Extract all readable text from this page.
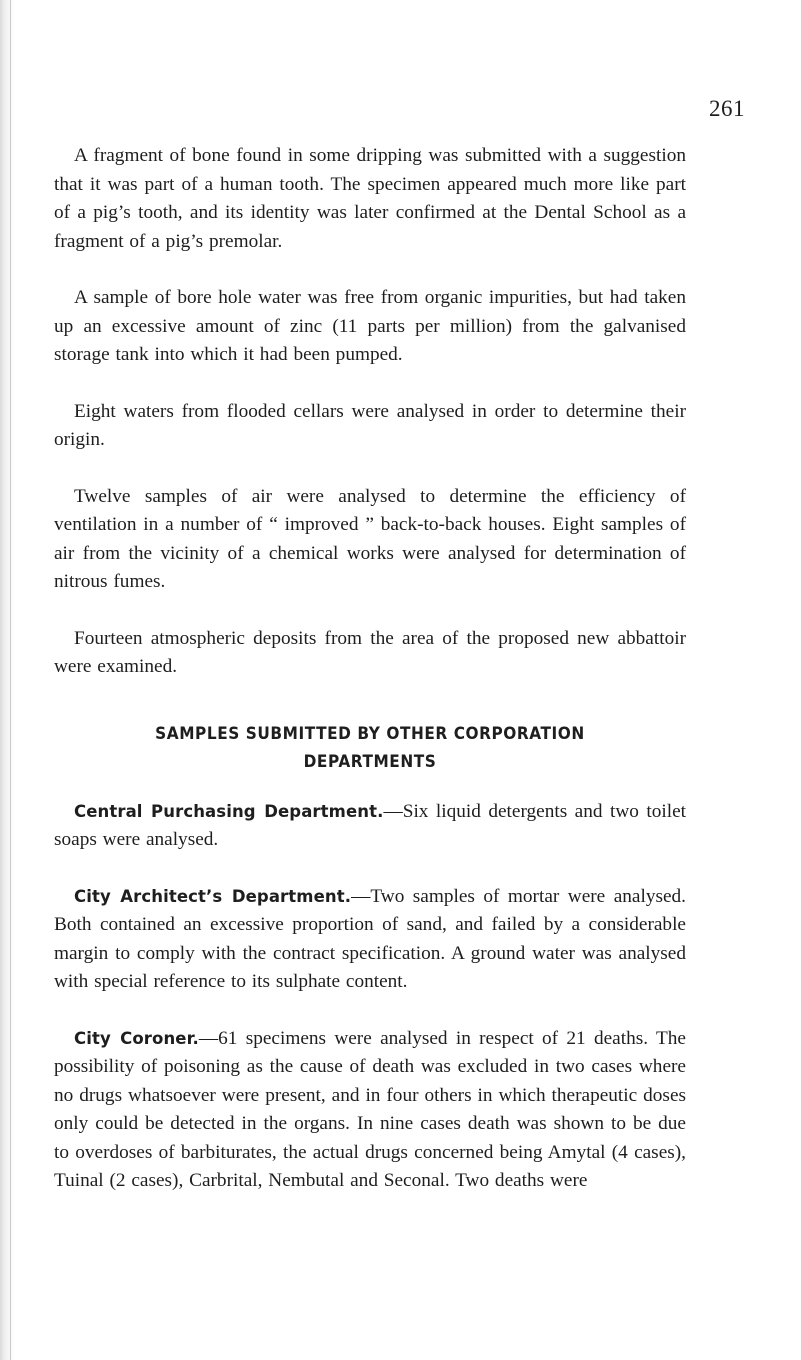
261

A fragment of bone found in some dripping was submitted with a suggestion that it was part of a human tooth. The specimen appeared much more like part of a pig’s tooth, and its identity was later confirmed at the Dental School as a fragment of a pig’s premolar.

A sample of bore hole water was free from organic impurities, but had taken up an excessive amount of zinc (11 parts per million) from the galvanised storage tank into which it had been pumped.

Eight waters from flooded cellars were analysed in order to determine their origin.

Twelve samples of air were analysed to determine the efficiency of ventilation in a number of “ improved ” back-to-back houses. Eight samples of air from the vicinity of a chemical works were analysed for determination of nitrous fumes.

Fourteen atmospheric deposits from the area of the proposed new abbattoir were examined.

SAMPLES SUBMITTED BY OTHER CORPORATION
DEPARTMENTS

Central Purchasing Department.—Six liquid detergents and two toilet soaps were analysed.

City Architect’s Department.—Two samples of mortar were analysed. Both contained an excessive proportion of sand, and failed by a considerable margin to comply with the contract specification. A ground water was analysed with special reference to its sulphate content.

City Coroner.—61 specimens were analysed in respect of 21 deaths. The possibility of poisoning as the cause of death was excluded in two cases where no drugs whatsoever were present, and in four others in which therapeutic doses only could be detected in the organs. In nine cases death was shown to be due to overdoses of barbiturates, the actual drugs concerned being Amytal (4 cases), Tuinal (2 cases), Carbrital, Nembutal and Seconal. Two deaths were
